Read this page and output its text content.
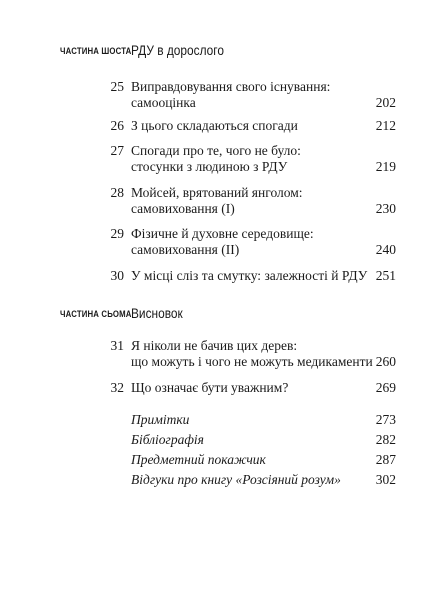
ЧАСТИНА ШОСТА РДУ в дорослого
25 Виправдовування свого існування:
самооцінка	202
26 З цього складаються спогади	212
27 Спогади про те, чого не було:
стосунки з людиною з РДУ	219
28 Мойсей, врятований янголом:
самовиховання (I)	230
29 Фізичне й духовне середовище:
самовиховання (II)	240
30 У місці сліз та смутку: залежності й РДУ 251
ЧАСТИНА СЬОМА Висновок
31 Я ніколи не бачив цих дерев:
що можуть і чого не можуть медикаменти 260
32 Що означає бути уважним?	269
Примітки	273
Бібліографія	282
Предметний покажчик	287
Відгуки про книгу «Розсіяний розум»	302
